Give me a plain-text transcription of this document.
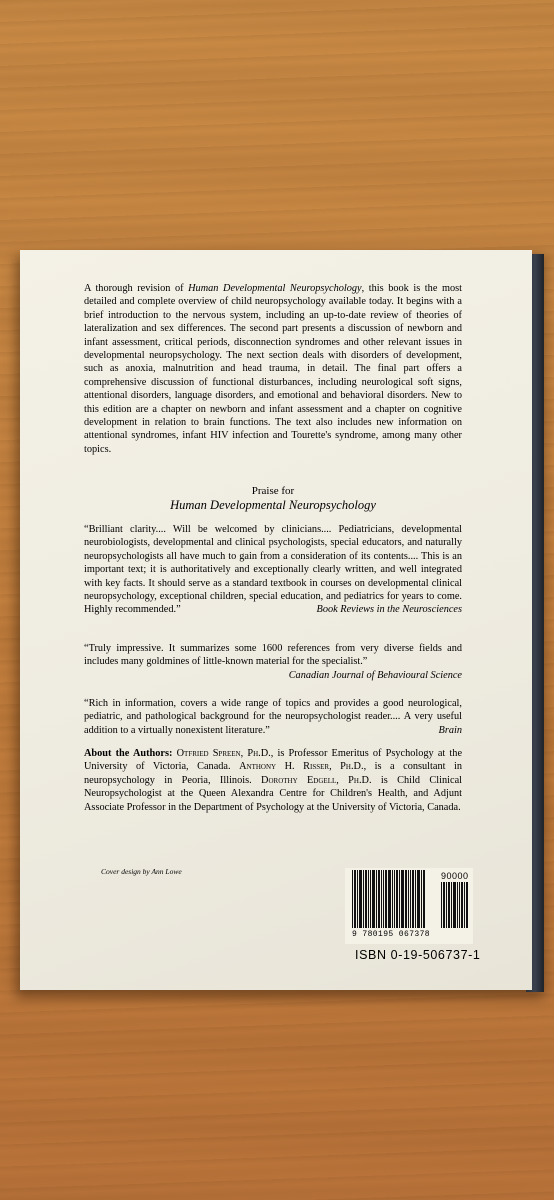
A thorough revision of Human Developmental Neuropsychology, this book is the most detailed and complete overview of child neuropsychology available today. It begins with a brief introduction to the nervous system, including an up-to-date review of theories of lateralization and sex differences. The second part presents a discussion of newborn and infant assessment, critical periods, disconnection syndromes and other relevant issues in developmental neuropsychology. The next section deals with disorders of development, such as anoxia, malnutrition and head trauma, in detail. The final part offers a comprehensive discussion of functional disturbances, including neurological soft signs, attentional disorders, language disorders, and emotional and behavioral disorders. New to this edition are a chapter on newborn and infant assessment and a chapter on cognitive development in relation to brain functions. The text also includes new information on attentional syndromes, infant HIV infection and Tourette's syndrome, among many other topics.
Praise for
Human Developmental Neuropsychology
“Brilliant clarity.... Will be welcomed by clinicians.... Pediatricians, developmental neurobiologists, developmental and clinical psychologists, special educators, and naturally neuropsychologists all have much to gain from a consideration of its contents.... This is an important text; it is authoritatively and exceptionally clearly written, and well integrated with key facts. It should serve as a standard textbook in courses on developmental clinical neuropsychology, exceptional children, special education, and pediatrics for years to come. Highly recommended.”	Book Reviews in the Neurosciences
“Truly impressive. It summarizes some 1600 references from very diverse fields and includes many goldmines of little-known material for the specialist.”
Canadian Journal of Behavioural Science
“Rich in information, covers a wide range of topics and provides a good neurological, pediatric, and pathological background for the neuropsychologist reader.... A very useful addition to a virtually nonexistent literature.”	Brain
About the Authors: Otfried Spreen, Ph.D., is Professor Emeritus of Psychology at the University of Victoria, Canada. Anthony H. Risser, Ph.D., is a consultant in neuropsychology in Peoria, Illinois. Dorothy Edgell, Ph.D. is Child Clinical Neuropsychologist at the Queen Alexandra Centre for Children's Health, and Adjunt Associate Professor in the Department of Psychology at the University of Victoria, Canada.
Cover design by Ann Lowe	90000
9 780195 067378
ISBN 0-19-506737-1
